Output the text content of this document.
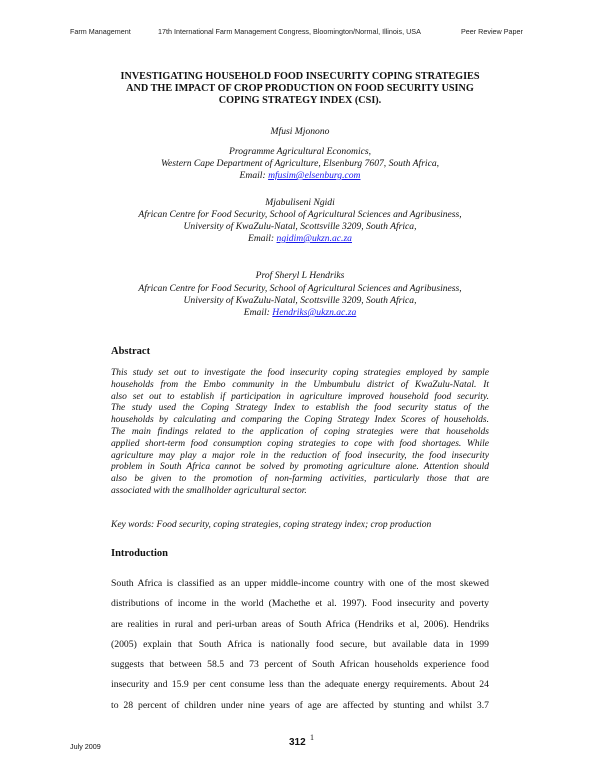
Farm Management	17th International Farm Management Congress, Bloomington/Normal, Illinois, USA	Peer Review Paper
INVESTIGATING HOUSEHOLD FOOD INSECURITY COPING STRATEGIES
AND THE IMPACT OF CROP PRODUCTION ON FOOD SECURITY USING
COPING STRATEGY INDEX (CSI).
Mfusi Mjonono
Programme Agricultural Economics,
Western Cape Department of Agriculture, Elsenburg 7607, South Africa,
Email: mfusim@elsenburg.com
Mjabuliseni Ngidi
African Centre for Food Security, School of Agricultural Sciences and Agribusiness,
University of KwaZulu-Natal, Scottsville 3209, South Africa,
Email: ngidim@ukzn.ac.za
Prof Sheryl L Hendriks
African Centre for Food Security, School of Agricultural Sciences and Agribusiness,
University of KwaZulu-Natal, Scottsville 3209, South Africa,
Email: Hendriks@ukzn.ac.za
Abstract

This study set out to investigate the food insecurity coping strategies employed by sample
households from the Embo community in the Umbumbulu district of KwaZulu-Natal. It
also set out to establish if participation in agriculture improved household food security.
The study used the Coping Strategy Index to establish the food security status of the
households by calculating and comparing the Coping Strategy Index Scores of households.
The main findings related to the application of coping strategies were that households
applied short-term food consumption coping strategies to cope with food shortages. While
agriculture may play a major role in the reduction of food insecurity, the food insecurity
problem in South Africa cannot be solved by promoting agriculture alone. Attention should
also be given to the promotion of non-farming activities, particularly those that are
associated with the smallholder agricultural sector.

Key words: Food security, coping strategies, coping strategy index; crop production

Introduction

South Africa is classified as an upper middle-income country with one of the most skewed
distributions of income in the world (Machethe et al. 1997). Food insecurity and poverty
are realities in rural and peri-urban areas of South Africa (Hendriks et al, 2006). Hendriks
(2005) explain that South Africa is nationally food secure, but available data in 1999
suggests that between 58.5 and 73 percent of South African households experience food
insecurity and 15.9 per cent consume less than the adequate energy requirements. About 24
to 28 percent of children under nine years of age are affected by stunting and whilst 3.7

July 2009	312 1
